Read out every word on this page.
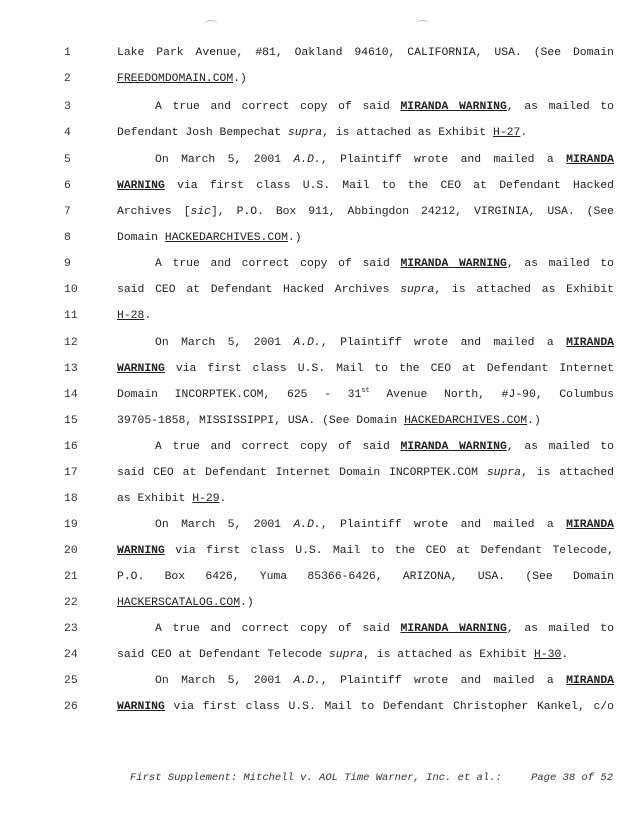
1	Lake Park Avenue, #81, Oakland 94610, CALIFORNIA, USA. (See Domain
2	FREEDOMDOMAIN.COM.)
3	A true and correct copy of said MIRANDA WARNING, as mailed to
4	Defendant Josh Bempechat supra, is attached as Exhibit H-27.
5	On March 5, 2001 A.D., Plaintiff wrote and mailed a MIRANDA
6	WARNING via first class U.S. Mail to the CEO at Defendant Hacked
7	Archives [sic], P.O. Box 911, Abbingdon 24212, VIRGINIA, USA. (See
8	Domain HACKEDARCHIVES.COM.)
9	A true and correct copy of said MIRANDA WARNING, as mailed to
10	said CEO at Defendant Hacked Archives supra, is attached as Exhibit
11	H-28.
12	On March 5, 2001 A.D., Plaintiff wrote and mailed a MIRANDA
13	WARNING via first class U.S. Mail to the CEO at Defendant Internet
14	Domain INCORPTEK.COM, 625 - 31st Avenue North, #J-90, Columbus
15	39705-1858, MISSISSIPPI, USA. (See Domain HACKEDARCHIVES.COM.)
16	A true and correct copy of said MIRANDA WARNING, as mailed to
17	said CEO at Defendant Internet Domain INCORPTEK.COM supra, is attached
18	as Exhibit H-29.
19	On March 5, 2001 A.D., Plaintiff wrote and mailed a MIRANDA
20	WARNING via first class U.S. Mail to the CEO at Defendant Telecode,
21	P.O. Box 6426, Yuma 85366-6426, ARIZONA, USA. (See Domain
22	HACKERSCATALOG.COM.)
23	A true and correct copy of said MIRANDA WARNING, as mailed to
24	said CEO at Defendant Telecode supra, is attached as Exhibit H-30.
25	On March 5, 2001 A.D., Plaintiff wrote and mailed a MIRANDA
26	WARNING via first class U.S. Mail to Defendant Christopher Kankel, c/o
First Supplement: Mitchell v. AOL Time Warner, Inc. et al.:	Page 38 of 52
